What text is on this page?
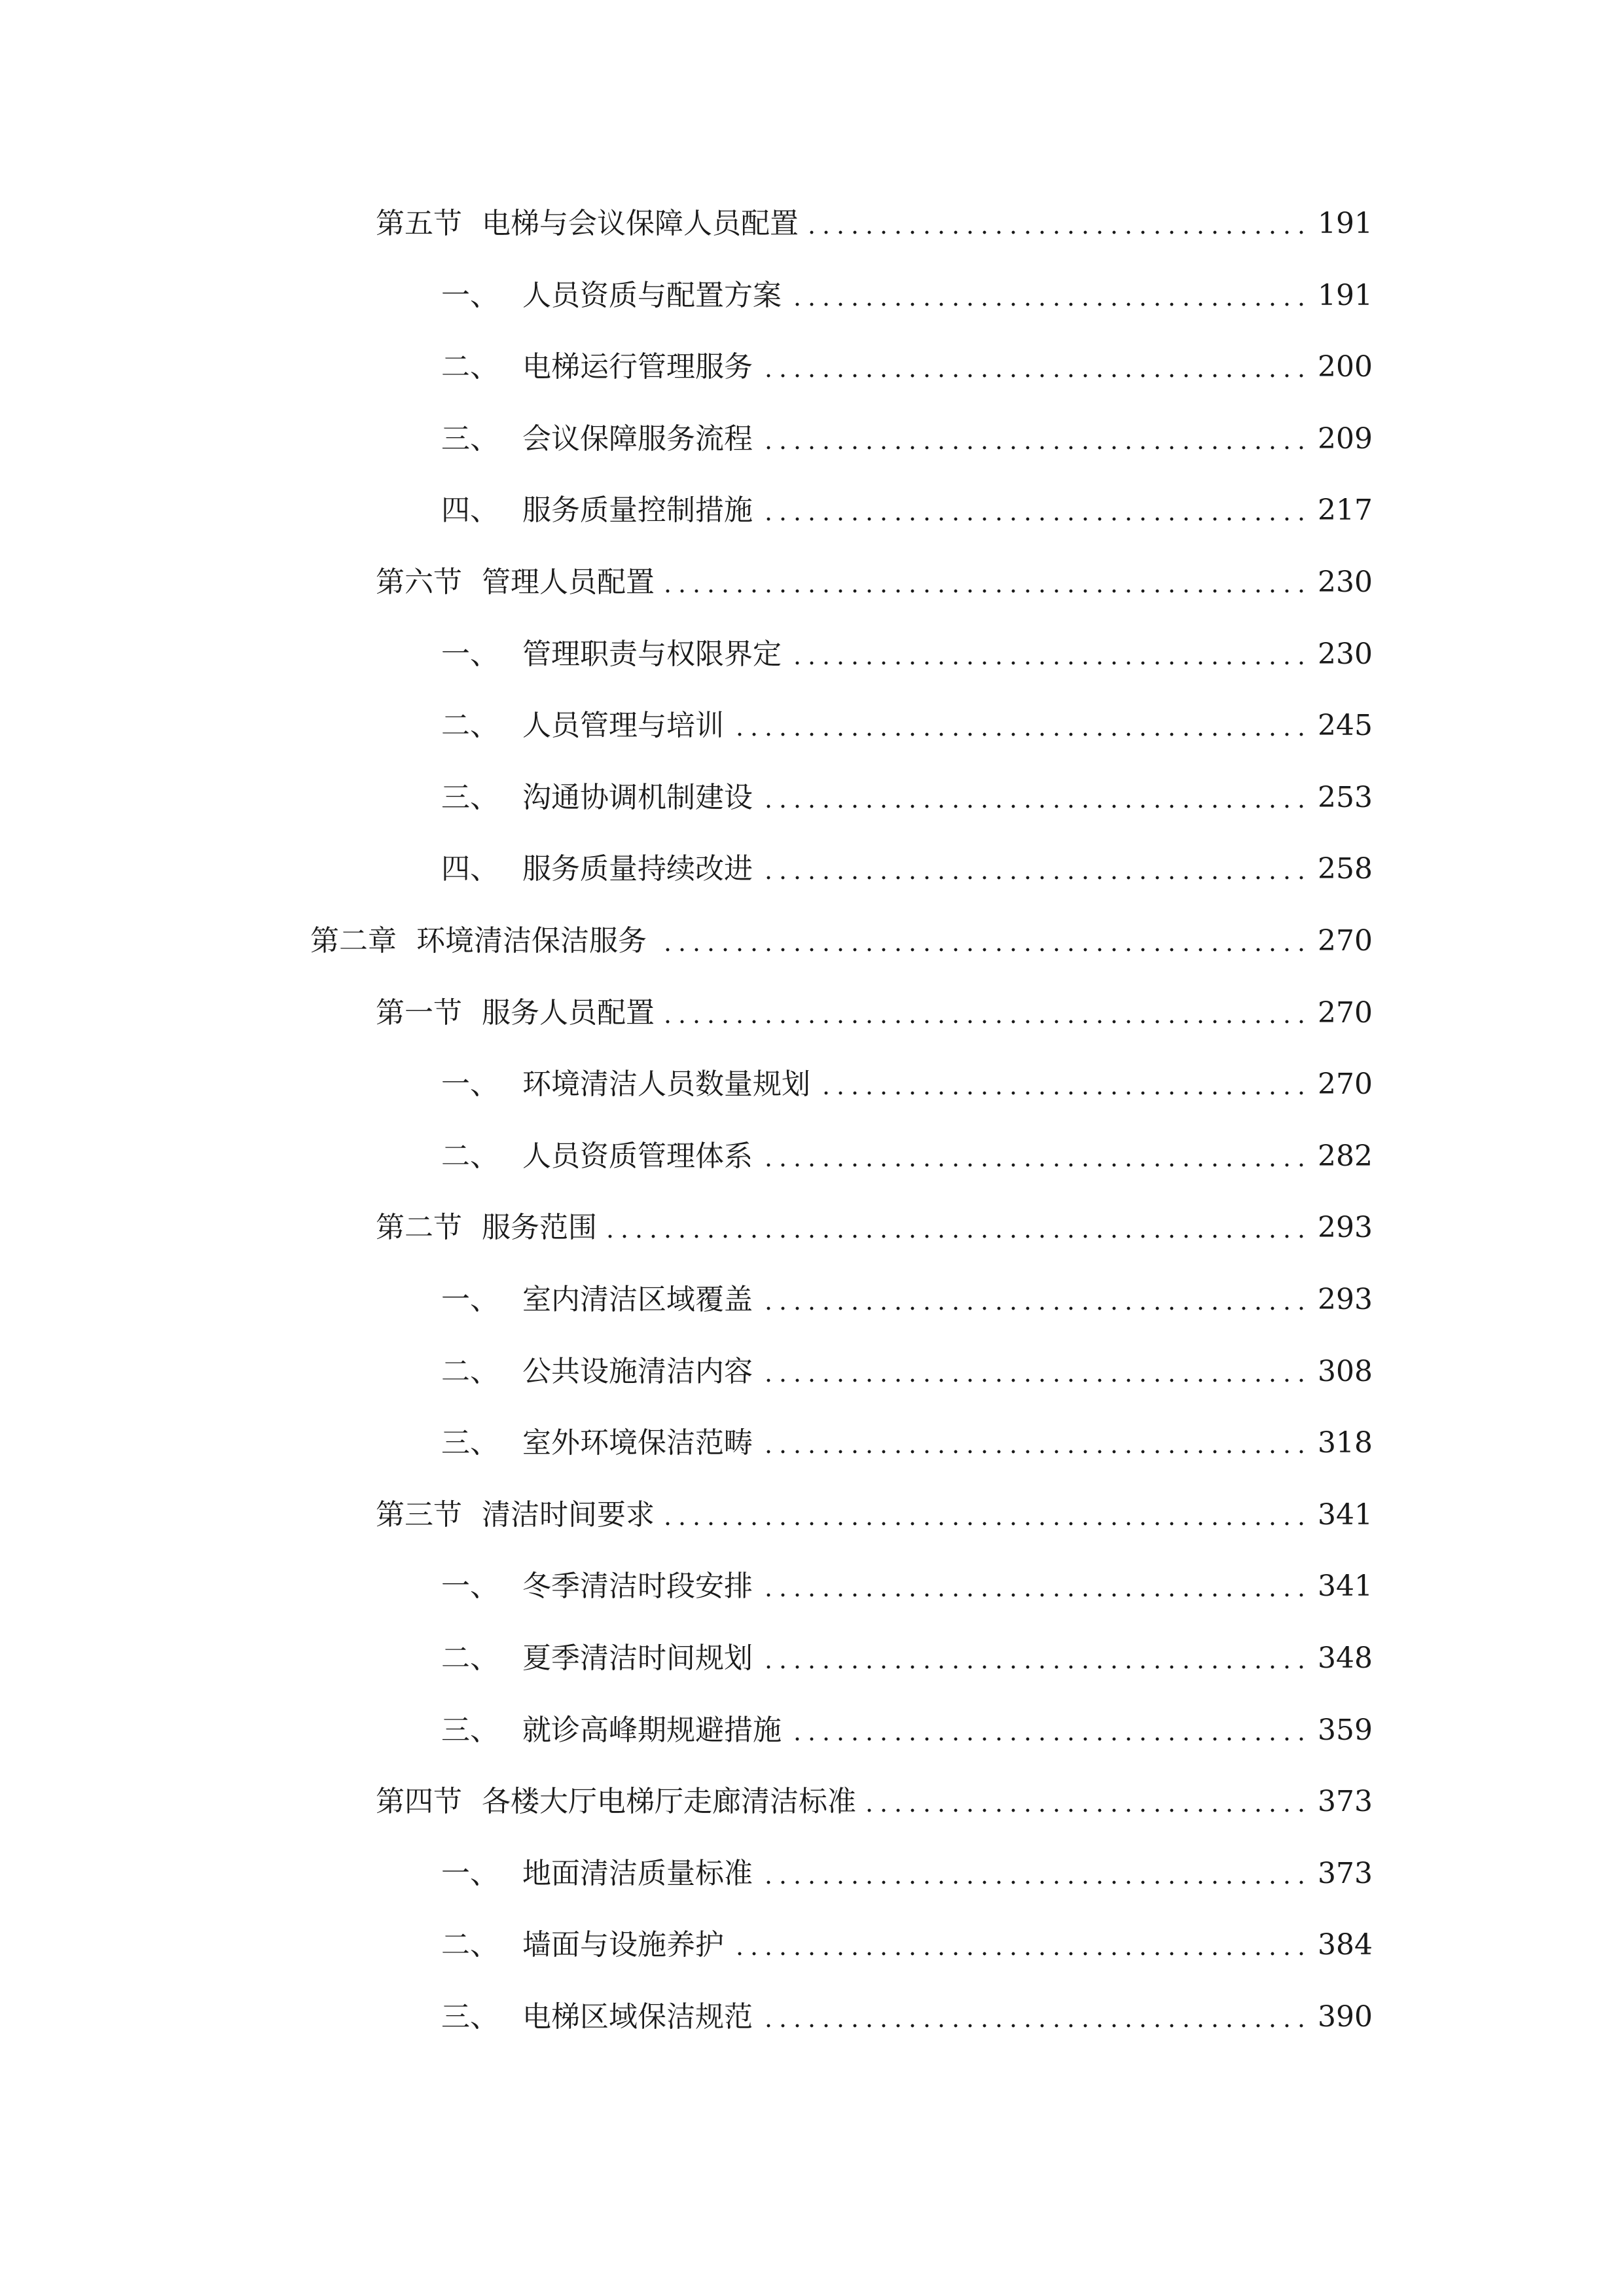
第五节 电梯与会议保障人员配置	191
一、 人员资质与配置方案	191
二、 电梯运行管理服务	200
三、 会议保障服务流程	209
四、 服务质量控制措施	217
第六节 管理人员配置	230
一、 管理职责与权限界定	230
二、 人员管理与培训	245
三、 沟通协调机制建设	253
四、 服务质量持续改进	258
第二章 环境清洁保洁服务	270
第一节 服务人员配置	270
一、 环境清洁人员数量规划	270
二、 人员资质管理体系	282
第二节 服务范围	293
一、 室内清洁区域覆盖	293
二、 公共设施清洁内容	308
三、 室外环境保洁范畴	318
第三节 清洁时间要求	341
一、 冬季清洁时段安排	341
二、 夏季清洁时间规划	348
三、 就诊高峰期规避措施	359
第四节 各楼大厅电梯厅走廊清洁标准	373
一、 地面清洁质量标准	373
二、 墙面与设施养护	384
三、 电梯区域保洁规范	390
